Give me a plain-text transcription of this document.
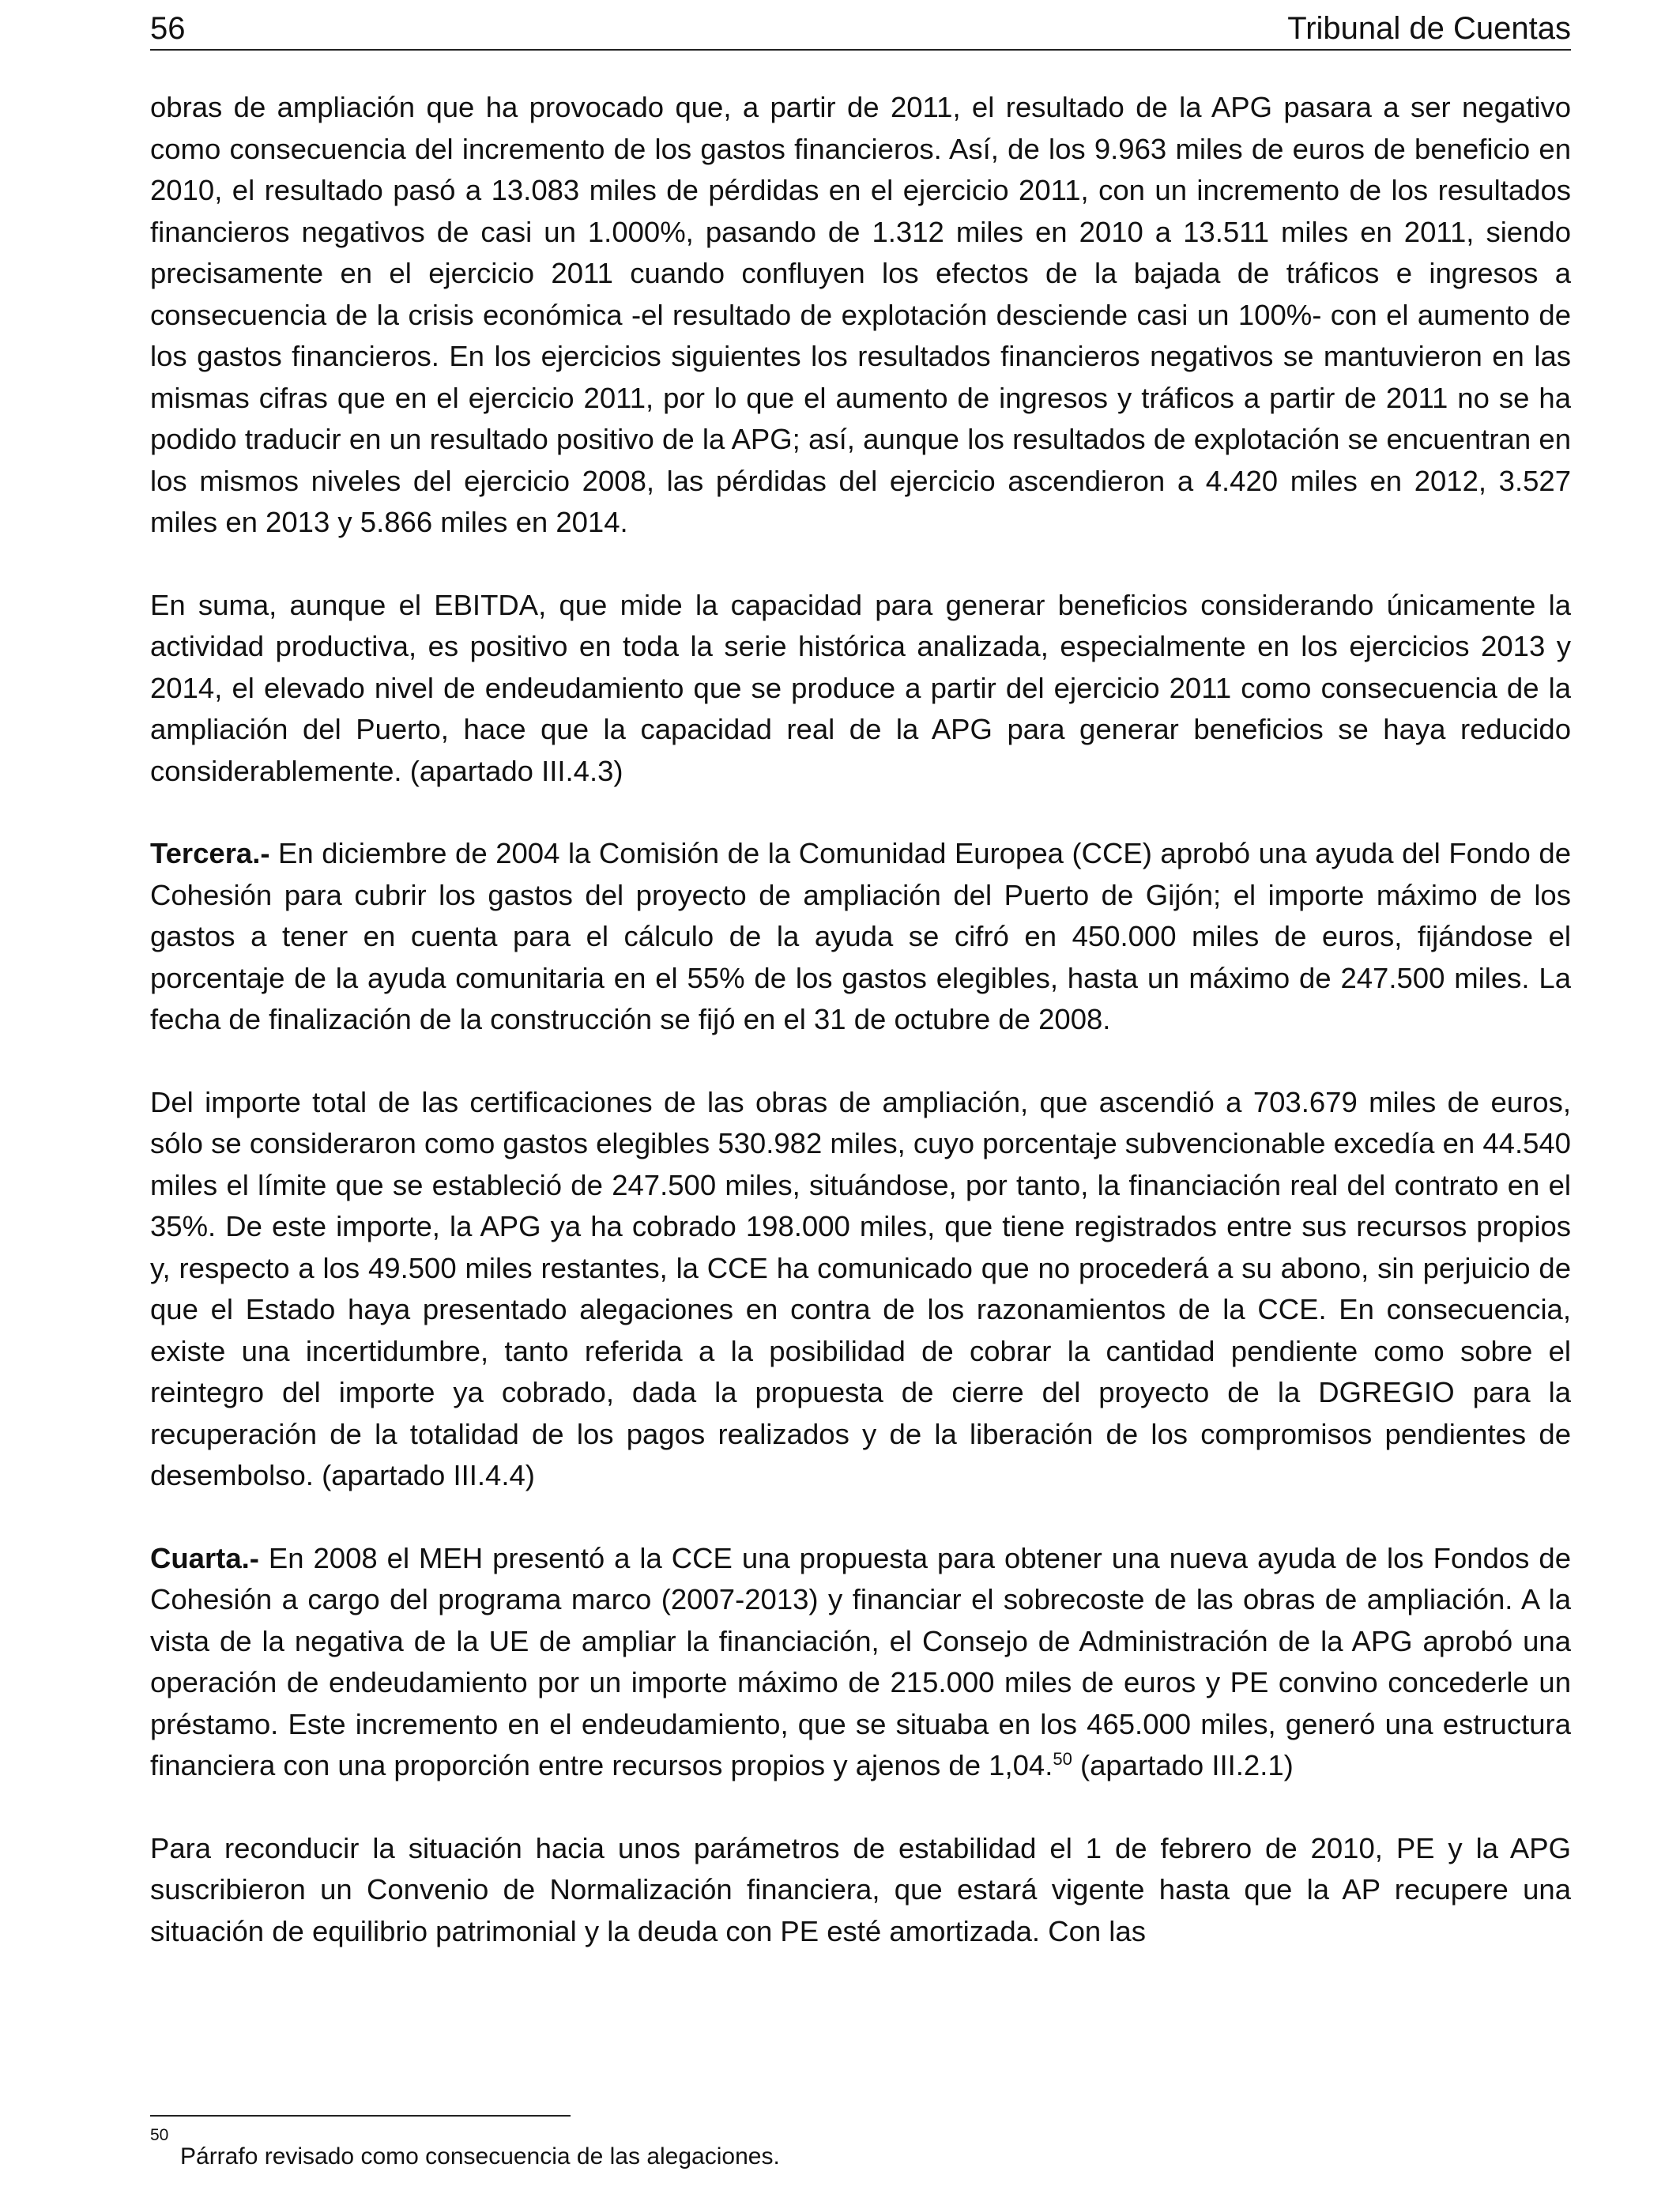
56	Tribunal de Cuentas

obras de ampliación que ha provocado que, a partir de 2011, el resultado de la APG pasara a ser negativo como consecuencia del incremento de los gastos financieros. Así, de los 9.963 miles de euros de beneficio en 2010, el resultado pasó a 13.083 miles de pérdidas en el ejercicio 2011, con un incremento de los resultados financieros negativos de casi un 1.000%, pasando de 1.312 miles en 2010 a 13.511 miles en 2011, siendo precisamente en el ejercicio 2011 cuando confluyen los efectos de la bajada de tráficos e ingresos a consecuencia de la crisis económica -el resultado de explotación desciende casi un 100%- con el aumento de los gastos financieros. En los ejercicios siguientes los resultados financieros negativos se mantuvieron en las mismas cifras que en el ejercicio 2011, por lo que el aumento de ingresos y tráficos a partir de 2011 no se ha podido traducir en un resultado positivo de la APG; así, aunque los resultados de explotación se encuentran en los mismos niveles del ejercicio 2008, las pérdidas del ejercicio ascendieron a 4.420 miles en 2012, 3.527 miles en 2013 y 5.866 miles en 2014.

En suma, aunque el EBITDA, que mide la capacidad para generar beneficios considerando únicamente la actividad productiva, es positivo en toda la serie histórica analizada, especialmente en los ejercicios 2013 y 2014, el elevado nivel de endeudamiento que se produce a partir del ejercicio 2011 como consecuencia de la ampliación del Puerto, hace que la capacidad real de la APG para generar beneficios se haya reducido considerablemente. (apartado III.4.3)

Tercera.- En diciembre de 2004 la Comisión de la Comunidad Europea (CCE) aprobó una ayuda del Fondo de Cohesión para cubrir los gastos del proyecto de ampliación del Puerto de Gijón; el importe máximo de los gastos a tener en cuenta para el cálculo de la ayuda se cifró en 450.000 miles de euros, fijándose el porcentaje de la ayuda comunitaria en el 55% de los gastos elegibles, hasta un máximo de 247.500 miles. La fecha de finalización de la construcción se fijó en el 31 de octubre de 2008.

Del importe total de las certificaciones de las obras de ampliación, que ascendió a 703.679 miles de euros, sólo se consideraron como gastos elegibles 530.982 miles, cuyo porcentaje subvencionable excedía en 44.540 miles el límite que se estableció de 247.500 miles, situándose, por tanto, la financiación real del contrato en el 35%. De este importe, la APG ya ha cobrado 198.000 miles, que tiene registrados entre sus recursos propios y, respecto a los 49.500 miles restantes, la CCE ha comunicado que no procederá a su abono, sin perjuicio de que el Estado haya presentado alegaciones en contra de los razonamientos de la CCE. En consecuencia, existe una incertidumbre, tanto referida a la posibilidad de cobrar la cantidad pendiente como sobre el reintegro del importe ya cobrado, dada la propuesta de cierre del proyecto de la DGREGIO para la recuperación de la totalidad de los pagos realizados y de la liberación de los compromisos pendientes de desembolso. (apartado III.4.4)

Cuarta.- En 2008 el MEH presentó a la CCE una propuesta para obtener una nueva ayuda de los Fondos de Cohesión a cargo del programa marco (2007-2013) y financiar el sobrecoste de las obras de ampliación. A la vista de la negativa de la UE de ampliar la financiación, el Consejo de Administración de la APG aprobó una operación de endeudamiento por un importe máximo de 215.000 miles de euros y PE convino concederle un préstamo. Este incremento en el endeudamiento, que se situaba en los 465.000 miles, generó una estructura financiera con una proporción entre recursos propios y ajenos de 1,04.50 (apartado III.2.1)

Para reconducir la situación hacia unos parámetros de estabilidad el 1 de febrero de 2010, PE y la APG suscribieron un Convenio de Normalización financiera, que estará vigente hasta que la AP recupere una situación de equilibrio patrimonial y la deuda con PE esté amortizada. Con las

50
Párrafo revisado como consecuencia de las alegaciones.
